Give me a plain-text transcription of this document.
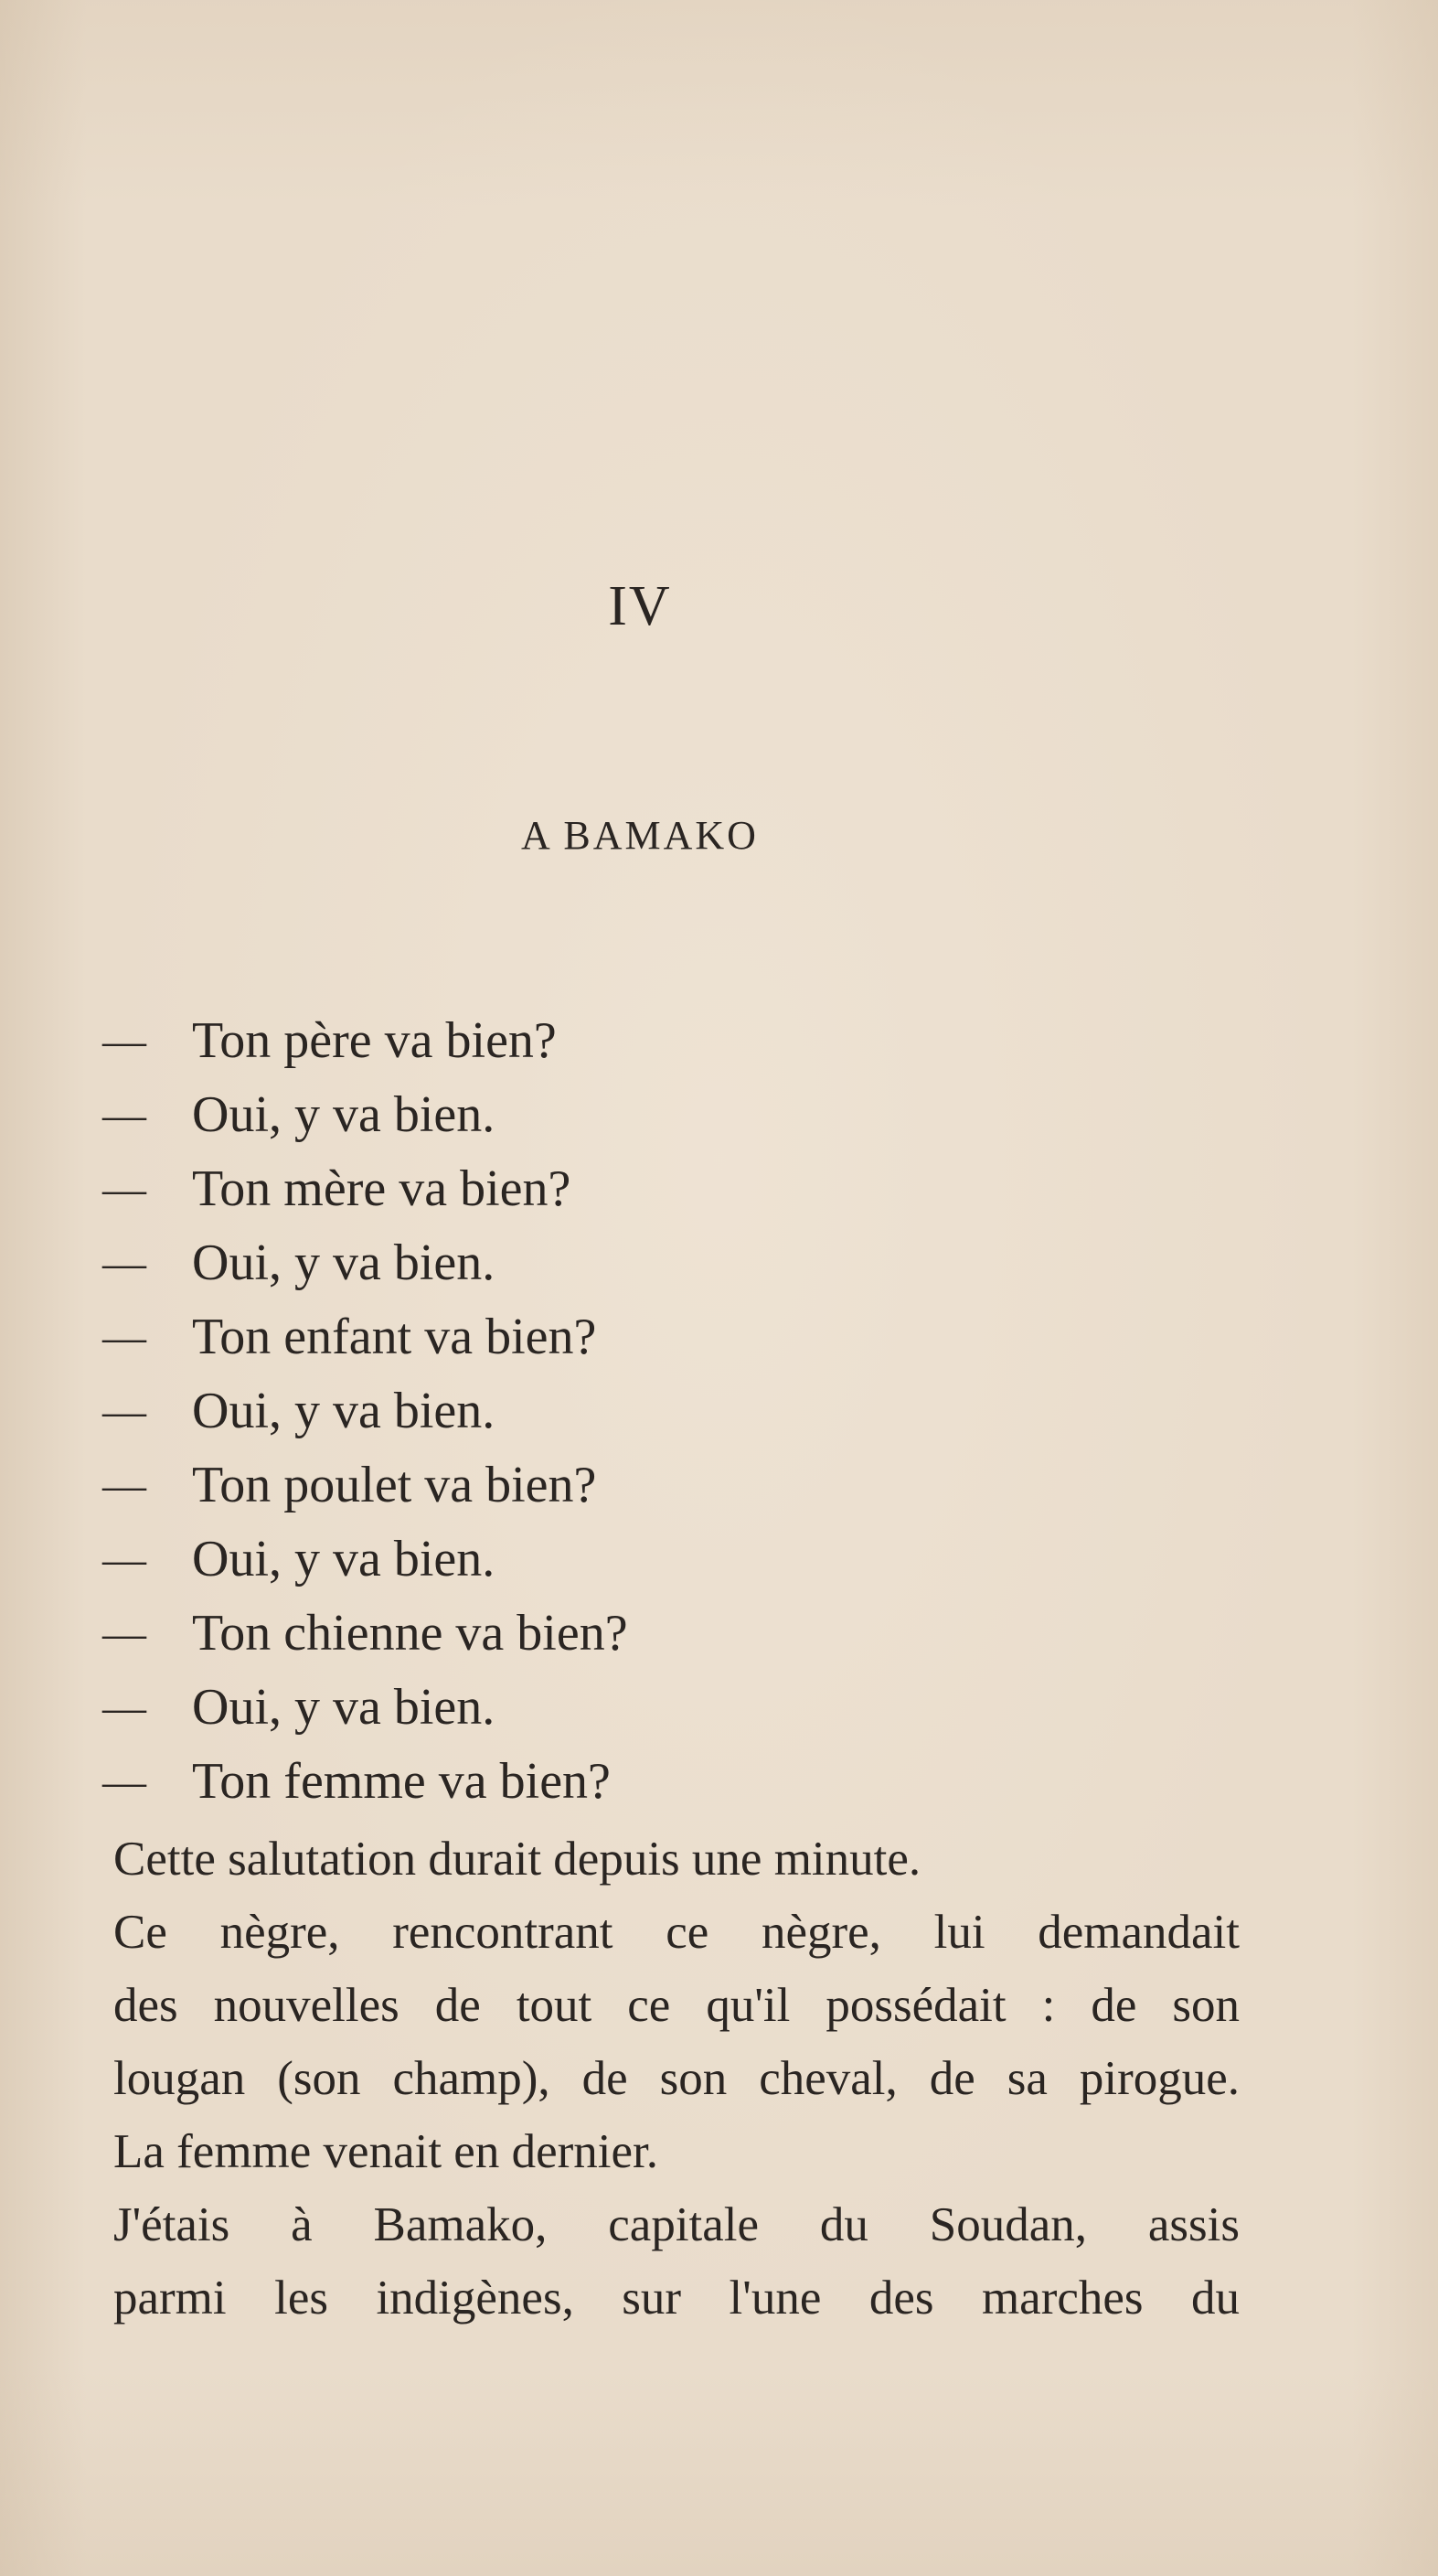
IV
A BAMAKO
— Ton père va bien?
— Oui, y va bien.
— Ton mère va bien?
— Oui, y va bien.
— Ton enfant va bien?
— Oui, y va bien.
— Ton poulet va bien?
— Oui, y va bien.
— Ton chienne va bien?
— Oui, y va bien.
— Ton femme va bien?
Cette salutation durait depuis une minute.
Ce nègre, rencontrant ce nègre, lui demandait
des nouvelles de tout ce qu'il possédait : de son
lougan (son champ), de son cheval, de sa pirogue.
La femme venait en dernier.
J'étais à Bamako, capitale du Soudan, assis
parmi les indigènes, sur l'une des marches du
